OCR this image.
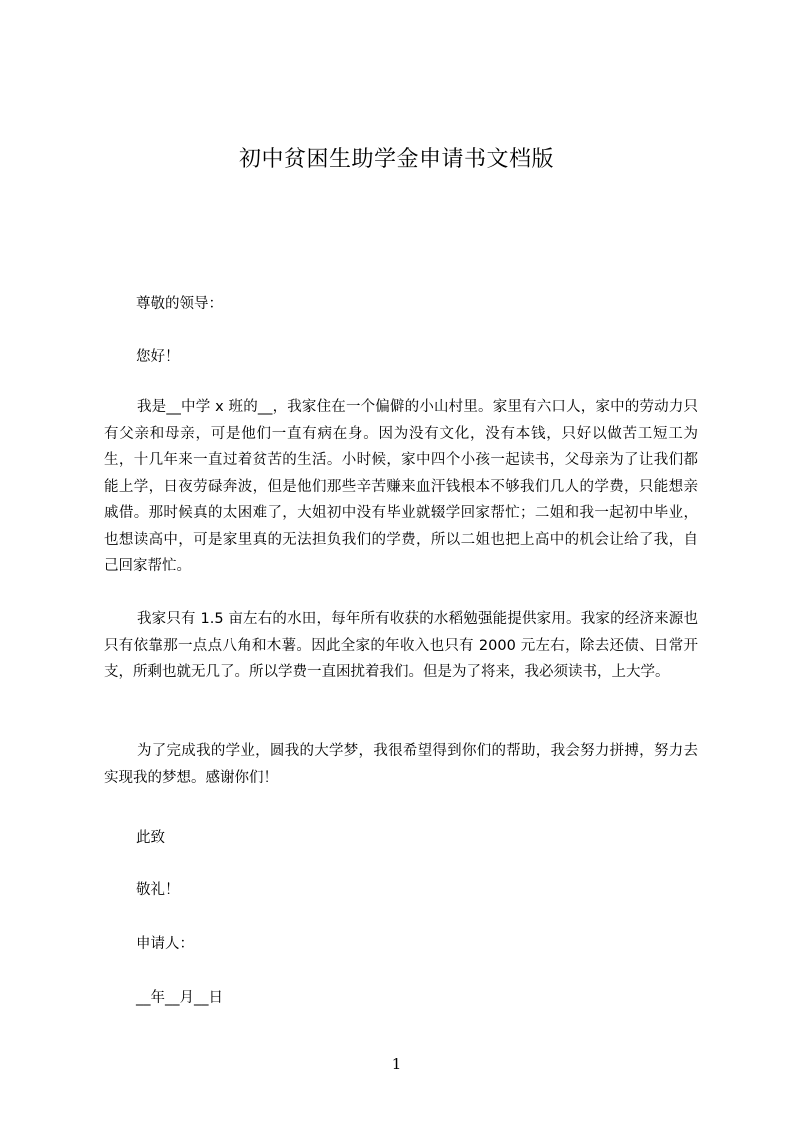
初中贫困生助学金申请书文档版

尊敬的领导：

您好！

我是__中学 x 班的__，我家住在一个偏僻的小山村里。家里有六口人，家中的劳动力只有父亲和母亲，可是他们一直有病在身。因为没有文化，没有本钱，只好以做苦工短工为生，十几年来一直过着贫苦的生活。小时候，家中四个小孩一起读书，父母亲为了让我们都能上学，日夜劳碌奔波，但是他们那些辛苦赚来血汗钱根本不够我们几人的学费，只能想亲戚借。那时候真的太困难了，大姐初中没有毕业就辍学回家帮忙；二姐和我一起初中毕业，也想读高中，可是家里真的无法担负我们的学费，所以二姐也把上高中的机会让给了我，自己回家帮忙。

我家只有 1.5 亩左右的水田，每年所有收获的水稻勉强能提供家用。我家的经济来源也只有依靠那一点点八角和木薯。因此全家的年收入也只有 2000 元左右，除去还债、日常开支，所剩也就无几了。所以学费一直困扰着我们。但是为了将来，我必须读书，上大学。

为了完成我的学业，圆我的大学梦，我很希望得到你们的帮助，我会努力拼搏，努力去实现我的梦想。感谢你们！

此致

敬礼！

申请人：

__年__月__日

1
